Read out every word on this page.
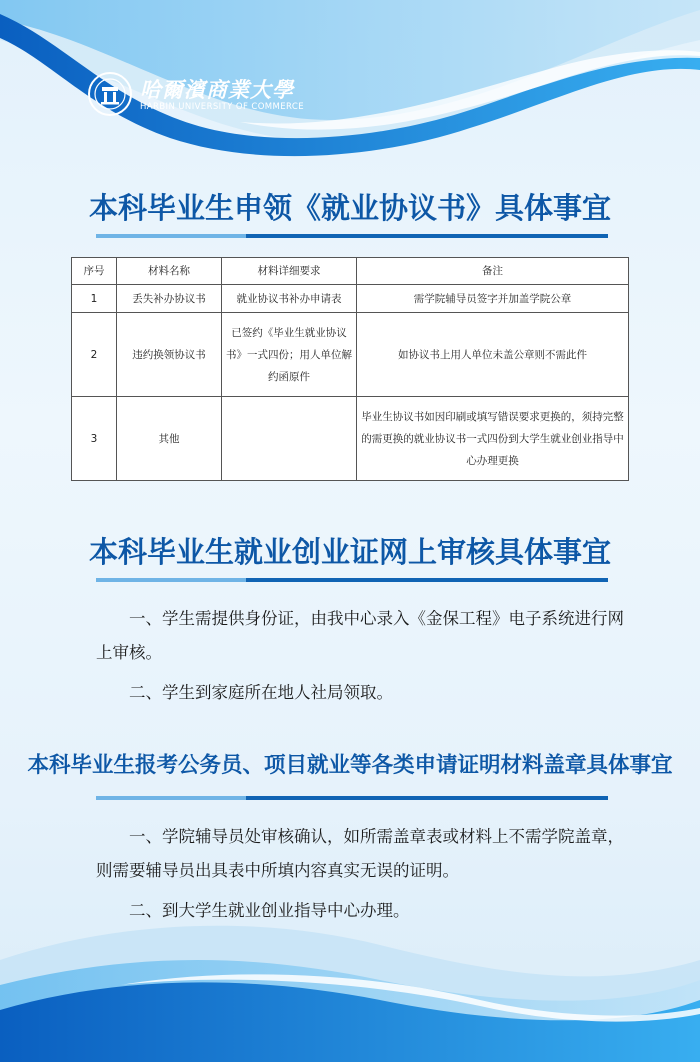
哈爾濱商業大學
HARBIN UNIVERSITY OF COMMERCE
本科毕业生申领《就业协议书》具体事宜
序号	材料名称	材料详细要求	备注
1	丢失补办协议书	就业协议书补办申请表	需学院辅导员签字并加盖学院公章
2	违约换领协议书	已签约《毕业生就业协议书》一式四份；用人单位解约函原件	如协议书上用人单位未盖公章则不需此件
3	其他		毕业生协议书如因印刷或填写错误要求更换的，须持完整的需更换的就业协议书一式四份到大学生就业创业指导中心办理更换
本科毕业生就业创业证网上审核具体事宜

一、学生需提供身份证，由我中心录入《金保工程》电子系统进行网上审核。

二、学生到家庭所在地人社局领取。

本科毕业生报考公务员、项目就业等各类申请证明材料盖章具体事宜

一、学院辅导员处审核确认，如所需盖章表或材料上不需学院盖章，则需要辅导员出具表中所填内容真实无误的证明。

二、到大学生就业创业指导中心办理。
